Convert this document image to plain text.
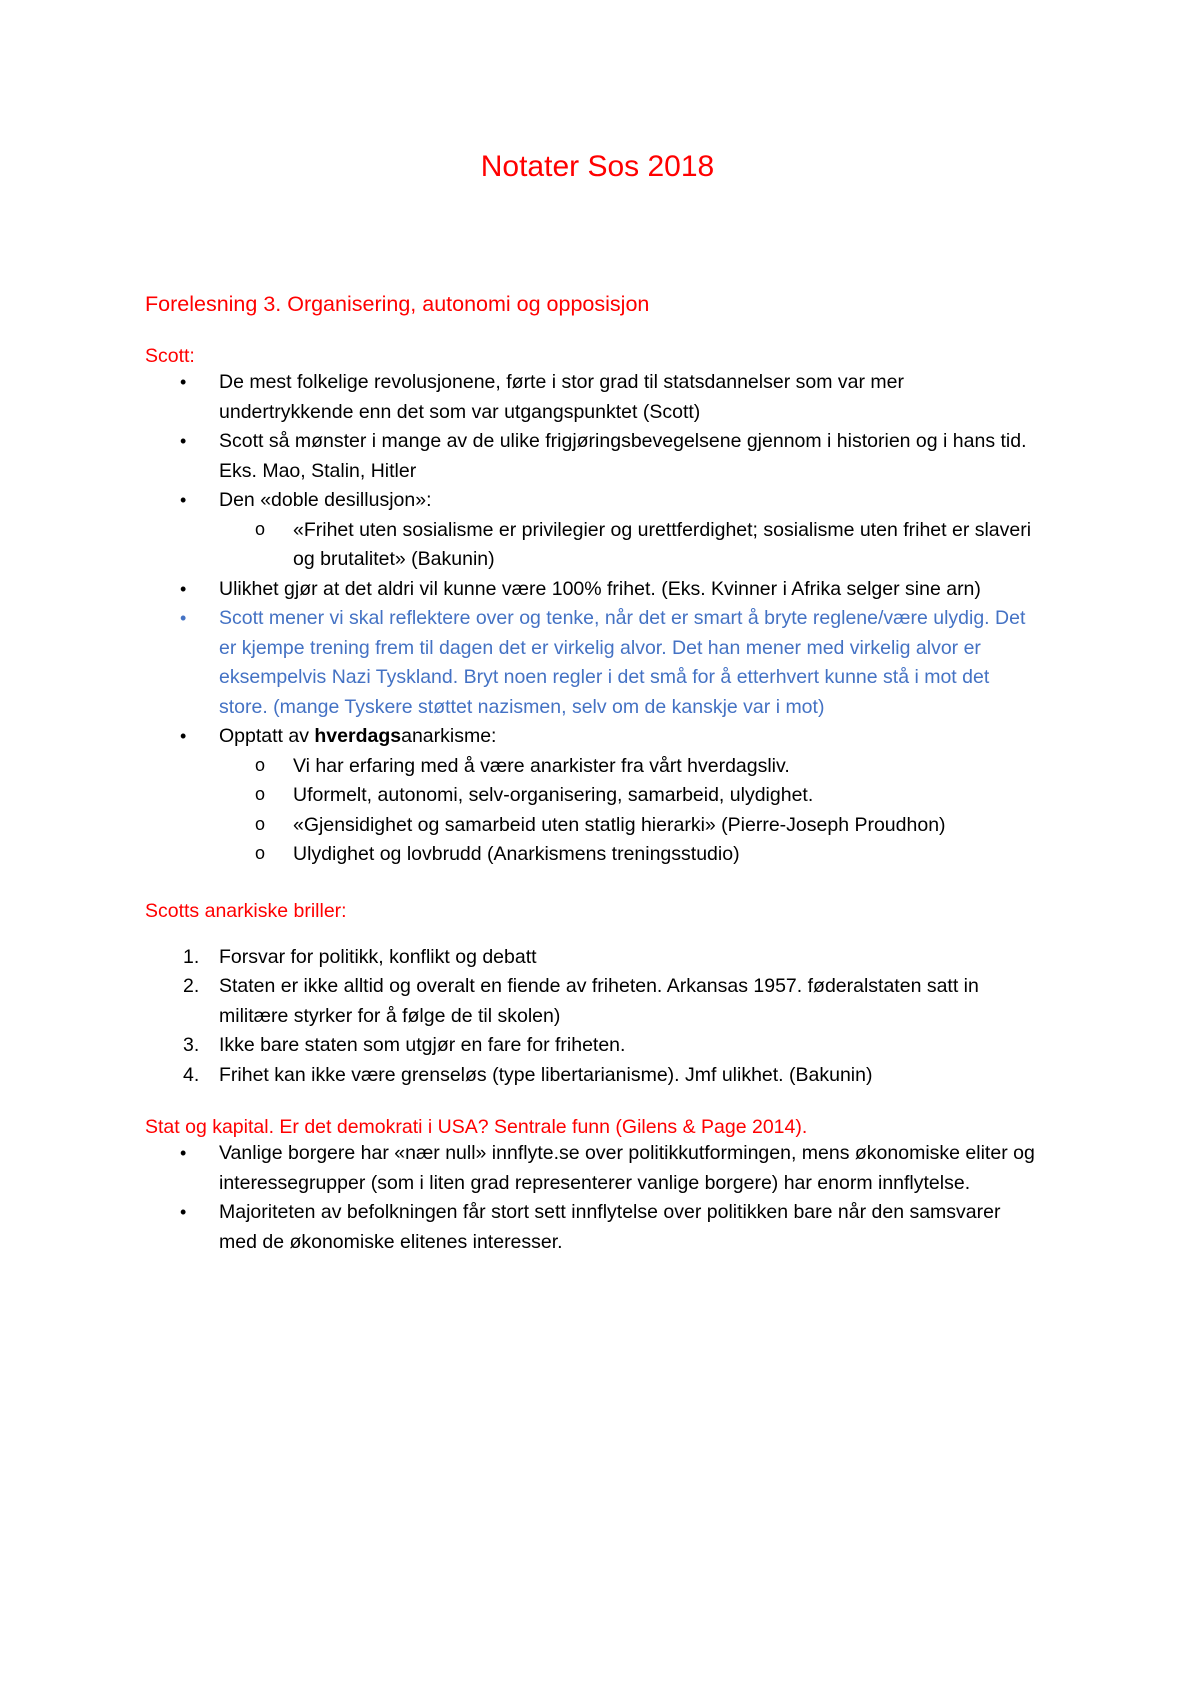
Notater Sos 2018
Forelesning 3. Organisering, autonomi og opposisjon
Scott:
• De mest folkelige revolusjonene, førte i stor grad til statsdannelser som var mer undertrykkende enn det som var utgangspunktet (Scott)
• Scott så mønster i mange av de ulike frigjøringsbevegelsene gjennom i historien og i hans tid. Eks. Mao, Stalin, Hitler
• Den «doble desillusjon»:
o «Frihet uten sosialisme er privilegier og urettferdighet; sosialisme uten frihet er slaveri og brutalitet» (Bakunin)
• Ulikhet gjør at det aldri vil kunne være 100% frihet. (Eks. Kvinner i Afrika selger sine arn)
• Scott mener vi skal reflektere over og tenke, når det er smart å bryte reglene/være ulydig. Det er kjempe trening frem til dagen det er virkelig alvor. Det han mener med virkelig alvor er eksempelvis Nazi Tyskland. Bryt noen regler i det små for å etterhvert kunne stå i mot det store. (mange Tyskere støttet nazismen, selv om de kanskje var i mot)
• Opptatt av hverdagsanarkisme:
o Vi har erfaring med å være anarkister fra vårt hverdagsliv.
o Uformelt, autonomi, selv-organisering, samarbeid, ulydighet.
o «Gjensidighet og samarbeid uten statlig hierarki» (Pierre-Joseph Proudhon)
o Ulydighet og lovbrudd (Anarkismens treningsstudio)
Scotts anarkiske briller:
1. Forsvar for politikk, konflikt og debatt
2. Staten er ikke alltid og overalt en fiende av friheten. Arkansas 1957. føderalstaten satt in militære styrker for å følge de til skolen)
3. Ikke bare staten som utgjør en fare for friheten.
4. Frihet kan ikke være grenseløs (type libertarianisme). Jmf ulikhet. (Bakunin)
Stat og kapital. Er det demokrati i USA? Sentrale funn (Gilens & Page 2014).
• Vanlige borgere har «nær null» innflyte.se over politikkutformingen, mens økonomiske eliter og interessegrupper (som i liten grad representerer vanlige borgere) har enorm innflytelse.
• Majoriteten av befolkningen får stort sett innflytelse over politikken bare når den samsvarer med de økonomiske elitenes interesser.
